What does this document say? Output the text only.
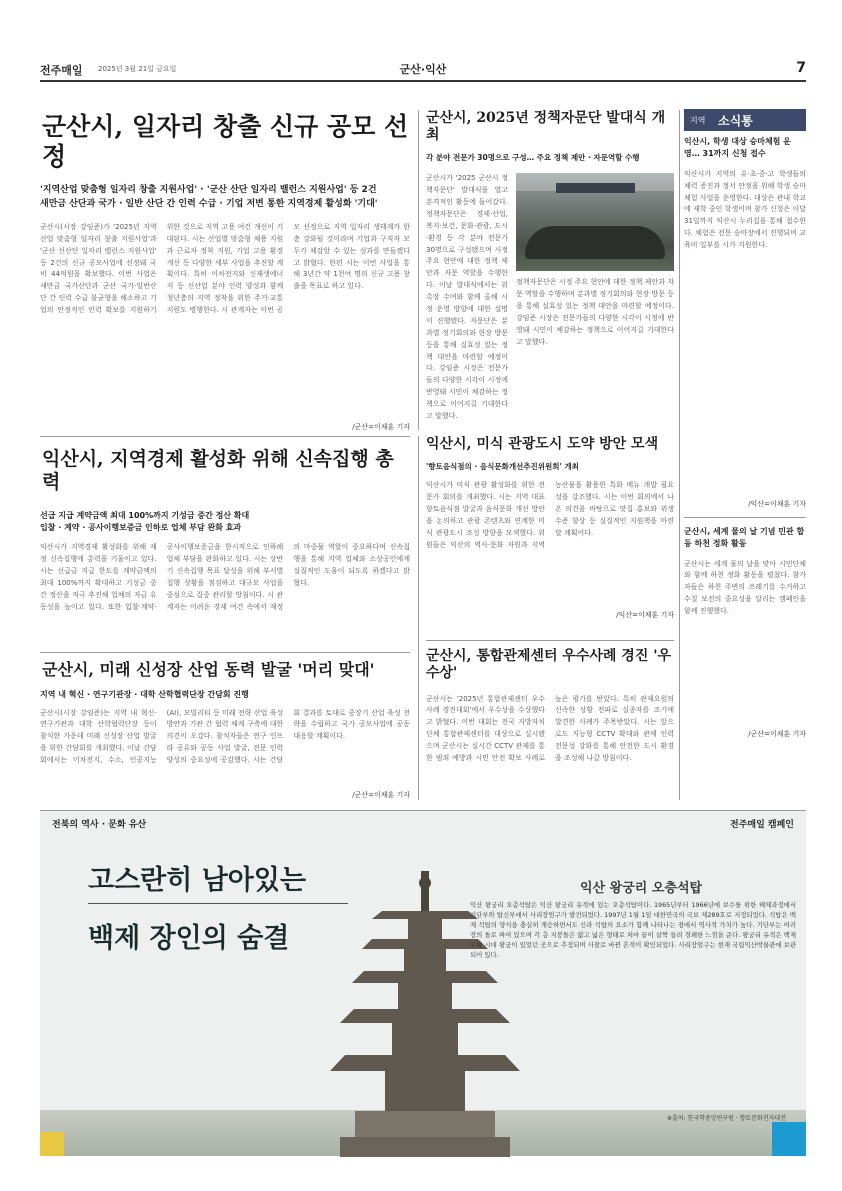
전주매일 2025년 3월 21일 금요일	군산·익산	7
군산시, 일자리 창출 신규 공모 선정
'지역산업 맞춤형 일자리 창출 지원사업' · '군산 산단 일자리 밸런스 지원사업' 등 2건
새만금 산단과 국가 · 일반 산단 간 인력 수급 · 기업 저변 통한 지역경제 활성화 '기대'
군산시(시장 강임준)가 '2025년 지역산업 맞춤형 일자리 창출 지원사업'과 '군산 신산단 일자리 밸런스 지원사업' 등 2건의 신규 공모사업에 선정돼 국비 44억원을 확보했다. 이번 사업은 새만금 국가산단과 군산 국가·일반산단 간 인력 수급 불균형을 해소하고 기업의 안정적인 인력 확보를 지원하기 위한 것으로 지역 고용 여건 개선이 기대된다. 시는 산업별 맞춤형 채용 지원과 근로자 정착 지원, 기업 고용 환경 개선 등 다양한 세부 사업을 추진할 계획이다. 특히 이차전지와 신재생에너지 등 신산업 분야 인력 양성과 함께 청년층의 지역 정착을 위한 주거·교통 지원도 병행한다. 시 관계자는 이번 공모 선정으로 지역 일자리 생태계가 한층 강화될 것이라며 기업과 구직자 모두가 체감할 수 있는 성과를 만들겠다고 밝혔다. 한편 시는 이번 사업을 통해 3년간 약 1천여 명의 신규 고용 창출을 목표로 하고 있다.
/군산=이채훈 기자
군산시, 2025년 정책자문단 발대식 개최
각 분야 전문가 30명으로 구성… 주요 정책 제안 · 자문역할 수행
군산시가 '2025 군산시 정책자문단' 발대식을 열고 본격적인 활동에 들어갔다. 정책자문단은 경제·산업, 복지·보건, 문화·관광, 도시·환경 등 각 분야 전문가 30명으로 구성됐으며 시정 주요 현안에 대한 정책 제안과 자문 역할을 수행한다. 이날 발대식에서는 위촉장 수여와 함께 올해 시정 운영 방향에 대한 설명이 진행됐다. 자문단은 분과별 정기회의와 현장 방문 등을 통해 실효성 있는 정책 대안을 마련할 예정이다. 강임준 시장은 전문가들의 다양한 시각이 시정에 반영돼 시민이 체감하는 정책으로 이어지길 기대한다고 말했다.
정책자문단은 시정 주요 현안에 대한 정책 제안과 자문 역할을 수행하며 분과별 정기회의와 현장 방문 등을 통해 실효성 있는 정책 대안을 마련할 예정이다. 강임준 시장은 전문가들의 다양한 시각이 시정에 반영돼 시민이 체감하는 정책으로 이어지길 기대한다고 말했다.
지역 소식통
익산시, 학생 대상 승마체험 운영… 31까지 신청 접수
익산시가 지역의 유·초·중·고 학생들의 체력 증진과 정서 안정을 위해 학생 승마체험 사업을 운영한다. 대상은 관내 학교에 재학 중인 학생이며 참가 신청은 이달 31일까지 익산시 누리집을 통해 접수한다. 체험은 전문 승마장에서 진행되며 교육비 일부를 시가 지원한다.
/익산=이채훈 기자
군산시, 세계 물의 날 기념 민관 합동 하천 정화 활동
군산시는 세계 물의 날을 맞아 시민단체와 함께 하천 정화 활동을 펼쳤다. 참가자들은 하천 주변의 쓰레기를 수거하고 수질 보전의 중요성을 알리는 캠페인을 함께 진행했다.
/군산=이채훈 기자
익산시, 지역경제 활성화 위해 신속집행 총력
선급 지급 계약금액 최대 100%까지 기성금 중간 정산 확대
입찰 · 계약 · 공사이행보증금 인하로 업체 부담 완화 효과
익산시가 지역경제 활성화를 위해 재정 신속집행에 총력을 기울이고 있다. 시는 선급금 지급 한도를 계약금액의 최대 100%까지 확대하고 기성금 중간 정산을 적극 추진해 업체의 자금 유동성을 높이고 있다. 또한 입찰·계약·공사이행보증금을 한시적으로 인하해 업체 부담을 완화하고 있다. 시는 상반기 신속집행 목표 달성을 위해 부서별 집행 상황을 점검하고 대규모 사업을 중심으로 집중 관리할 방침이다. 시 관계자는 어려운 경제 여건 속에서 재정의 마중물 역할이 중요하다며 신속집행을 통해 지역 업체와 소상공인에게 실질적인 도움이 되도록 하겠다고 밝혔다.
익산시, 미식 관광도시 도약 방안 모색
'향토음식점의 · 음식문화개선추진위원회' 개최
익산시가 미식 관광 활성화를 위한 전문가 회의를 개최했다. 시는 지역 대표 향토음식점 발굴과 음식문화 개선 방안을 논의하고 관광 콘텐츠와 연계한 미식 관광도시 조성 방향을 모색했다. 위원들은 익산의 역사·문화 자원과 지역 농산물을 활용한 특화 메뉴 개발 필요성을 강조했다. 시는 이번 회의에서 나온 의견을 바탕으로 맛집 홍보와 위생 수준 향상 등 실질적인 지원책을 마련할 계획이다.
/익산=이채훈 기자
군산시, 미래 신성장 산업 동력 발굴 '머리 맞대'
지역 내 혁신 · 연구기관장 · 대학 산학협력단장 간담회 진행
군산시(시장 강임준)는 지역 내 혁신·연구기관과 대학 산학협력단장 등이 참석한 가운데 미래 신성장 산업 발굴을 위한 간담회를 개최했다. 이날 간담회에서는 이차전지, 수소, 인공지능(AI), 모빌리티 등 미래 전략 산업 육성 방안과 기관 간 협력 체계 구축에 대한 의견이 오갔다. 참석자들은 연구 인프라 공유와 공동 사업 발굴, 전문 인력 양성의 중요성에 공감했다. 시는 간담회 결과를 토대로 중장기 산업 육성 전략을 수립하고 국가 공모사업에 공동 대응할 계획이다.
/군산=이채훈 기자
군산시, 통합관제센터 우수사례 경진 '우수상'
군산시는 '2025년 통합관제센터 우수사례 경진대회'에서 우수상을 수상했다고 밝혔다. 이번 대회는 전국 지방자치단체 통합관제센터를 대상으로 실시됐으며 군산시는 실시간 CCTV 관제를 통한 범죄 예방과 시민 안전 확보 사례로 높은 평가를 받았다. 특히 관제요원의 신속한 상황 전파로 실종자를 조기에 발견한 사례가 주목받았다. 시는 앞으로도 지능형 CCTV 확대와 관제 인력 전문성 강화를 통해 안전한 도시 환경을 조성해 나갈 방침이다.
전북의 역사 · 문화 유산	전주매일 캠페인
고스란히 남아있는
백제 장인의 숨결
익산 왕궁리 오층석탑
익산 왕궁리 오층석탑은 익산 왕궁리 유적에 있는 오층석탑이다. 1965년부터 1966년에 보수를 위한 해체과정에서 기단부와 탑신부에서 사리장엄구가 발견되었다. 1997년 1월 1일 대한민국의 국보 제289호로 지정되었다. 석탑은 백제 석탑의 양식을 충실히 계승하면서도 신라 석탑의 요소가 함께 나타나는 점에서 역사적 가치가 높다. 기단부는 여러 장의 돌로 짜여 있으며 각 층 지붕돌은 얇고 넓은 형태로 처마 끝이 살짝 들려 경쾌한 느낌을 준다. 왕궁리 유적은 백제 무왕 시대 왕궁이 있었던 곳으로 추정되며 사찰로 바뀐 흔적이 확인되었다. 사리장엄구는 현재 국립익산박물관에 보관되어 있다.
※출처: 한국학중앙연구원 · 향토문화전자대전
